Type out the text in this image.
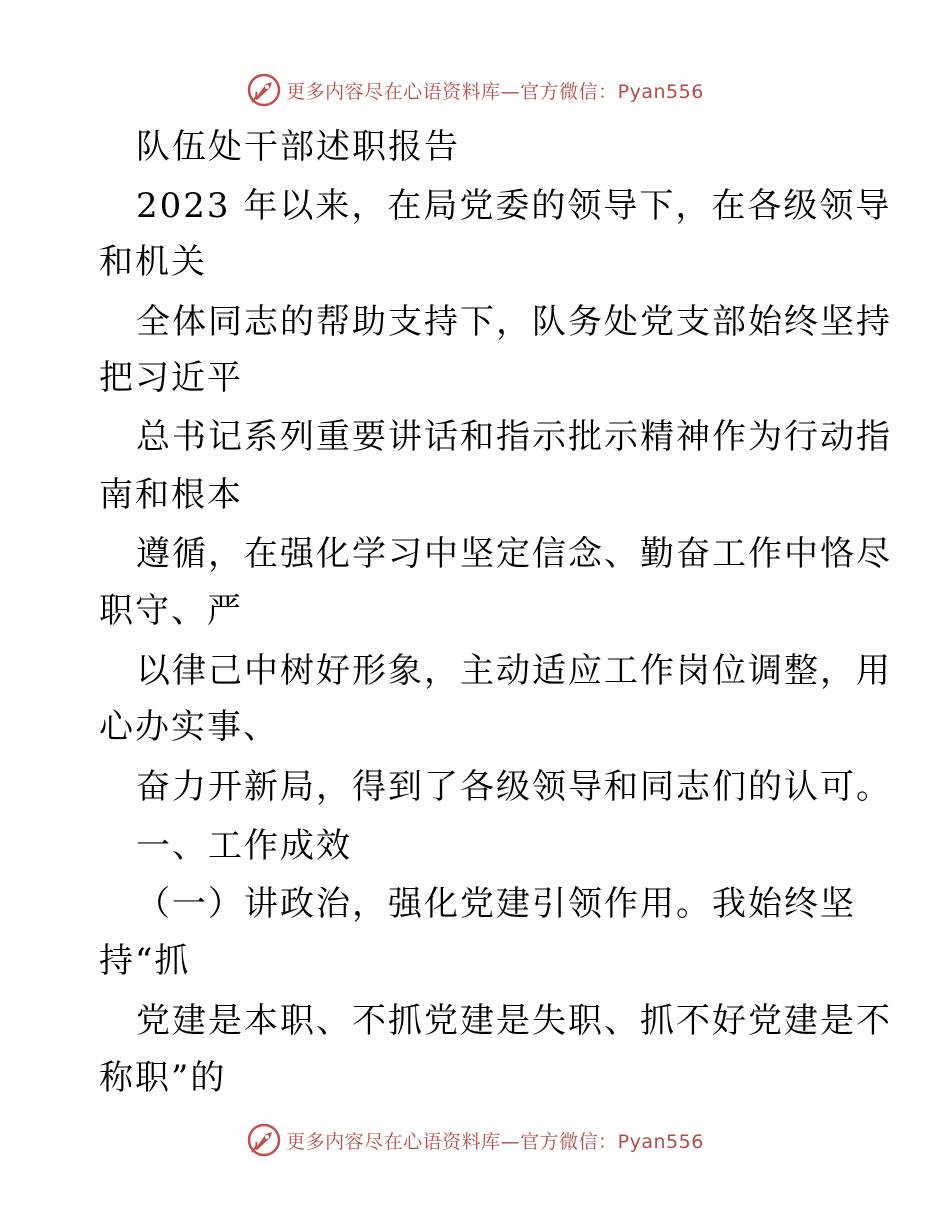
更多内容尽在心语资料库—官方微信：Pyan556
队伍处干部述职报告
2023 年以来，在局党委的领导下，在各级领导
和机关
全体同志的帮助支持下，队务处党支部始终坚持
把习近平
总书记系列重要讲话和指示批示精神作为行动指
南和根本
遵循，在强化学习中坚定信念、勤奋工作中恪尽
职守、严
以律己中树好形象，主动适应工作岗位调整，用
心办实事、
奋力开新局，得到了各级领导和同志们的认可。
一、工作成效
（一）讲政治，强化党建引领作用。我始终坚
持“抓
党建是本职、不抓党建是失职、抓不好党建是不
称职”的
更多内容尽在心语资料库—官方微信：Pyan556
